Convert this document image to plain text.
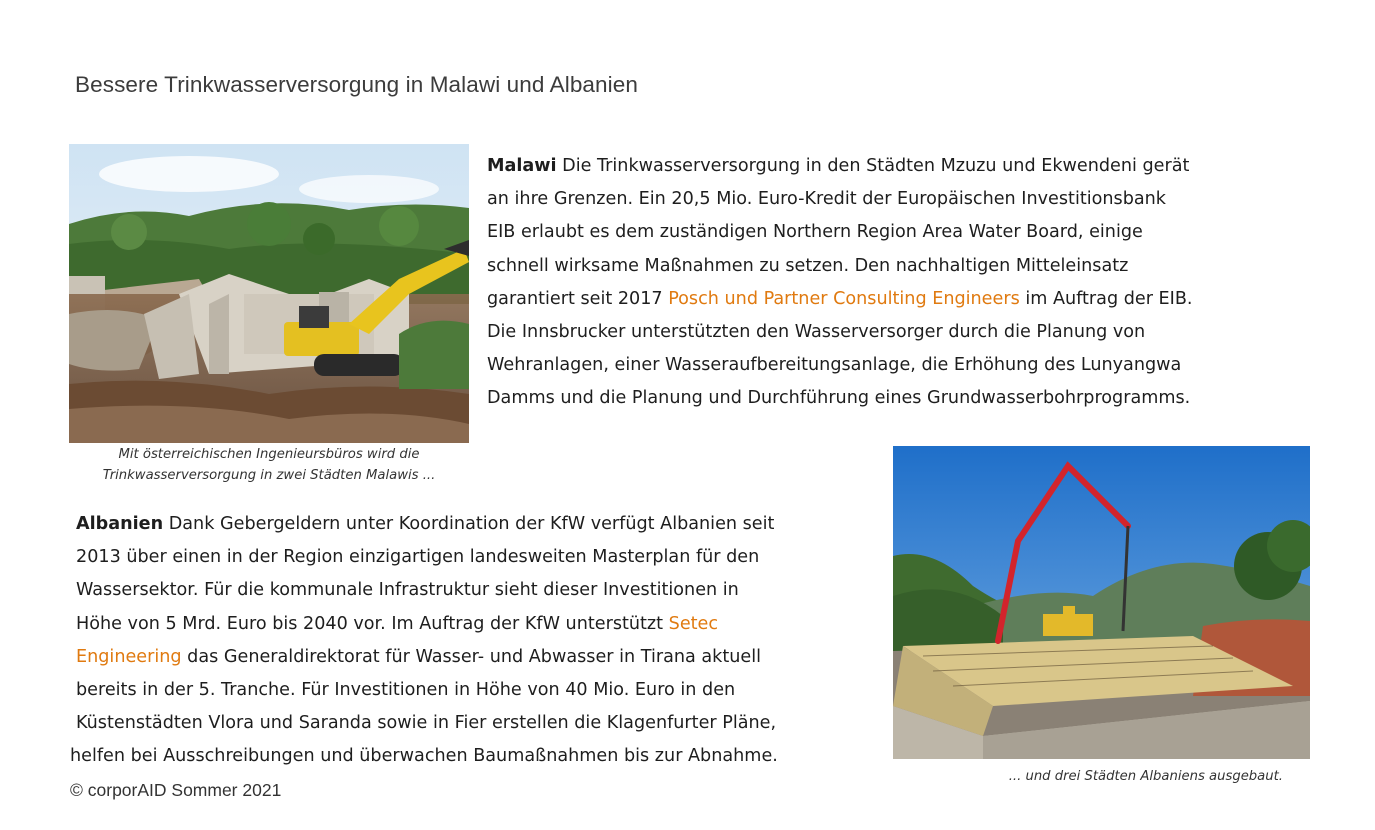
Bessere Trinkwasserversorgung in Malawi und Albanien
Mit österreichischen Ingenieursbüros wird die
Trinkwasserversorgung in zwei Städten Malawis ...
Malawi Die Trinkwasserversorgung in den Städten Mzuzu und Ekwendeni gerät
an ihre Grenzen. Ein 20,5 Mio. Euro-Kredit der Europäischen Investitionsbank
EIB erlaubt es dem zuständigen Northern Region Area Water Board, einige
schnell wirksame Maßnahmen zu setzen. Den nachhaltigen Mitteleinsatz
garantiert seit 2017 Posch und Partner Consulting Engineers im Auftrag der EIB.
Die Innsbrucker unterstützten den Wasserversorger durch die Planung von
Wehranlagen, einer Wasseraufbereitungsanlage, die Erhöhung des Lunyangwa
Damms und die Planung und Durchführung eines Grundwasserbohrprogramms.
... und drei Städten Albaniens ausgebaut.
Albanien Dank Gebergeldern unter Koordination der KfW verfügt Albanien seit
2013 über einen in der Region einzigartigen landesweiten Masterplan für den
Wassersektor. Für die kommunale Infrastruktur sieht dieser Investitionen in
Höhe von 5 Mrd. Euro bis 2040 vor. Im Auftrag der KfW unterstützt Setec
Engineering das Generaldirektorat für Wasser- und Abwasser in Tirana aktuell
bereits in der 5. Tranche. Für Investitionen in Höhe von 40 Mio. Euro in den
Küstenstädten Vlora und Saranda sowie in Fier erstellen die Klagenfurter Pläne,
helfen bei Ausschreibungen und überwachen Baumaßnahmen bis zur Abnahme.
© corporAID Sommer 2021
